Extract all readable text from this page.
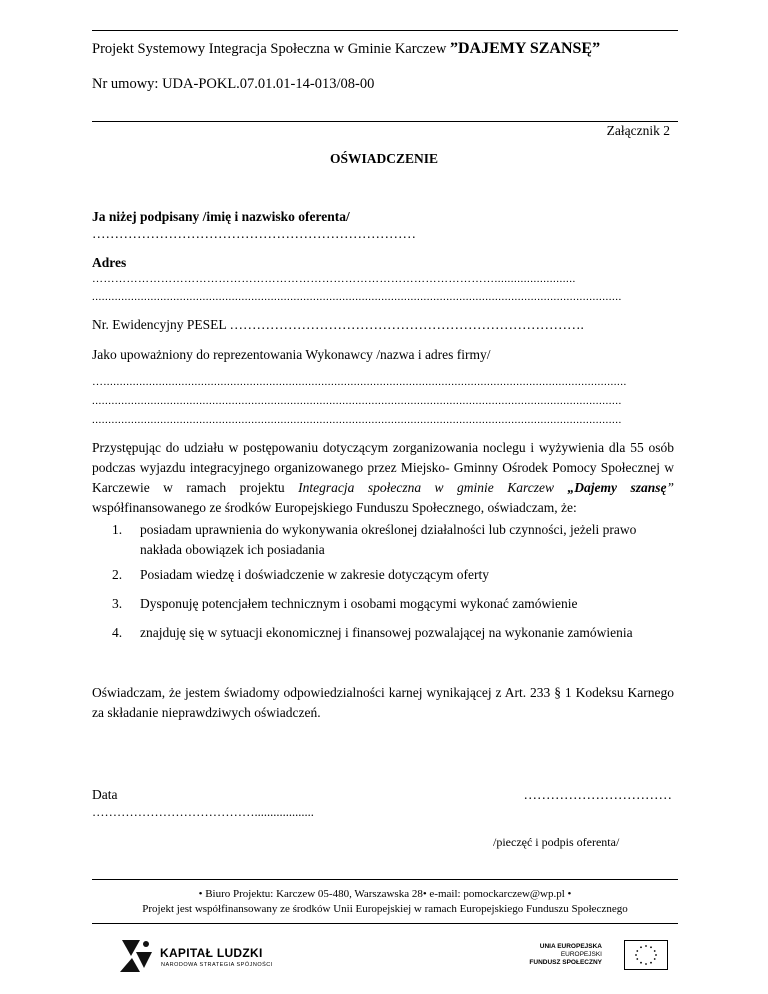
Projekt Systemowy Integracja Społeczna w Gminie Karczew ”DAJEMY SZANSĘ”
Nr umowy: UDA-POKL.07.01.01-14-013/08-00
Załącznik 2
OŚWIADCZENIE
Ja niżej podpisany /imię i nazwisko oferenta/
………………………………………………………………
Adres
…………………………………………………………………………………………….........................
...................................................................................................................................................................
Nr. Ewidencyjny PESEL …………………………………………………………………….
Jako upoważniony do reprezentowania Wykonawcy /nazwa i adres firmy/
….................................................................................................................................................................
...................................................................................................................................................................
...................................................................................................................................................................
Przystępując do udziału w postępowaniu dotyczącym zorganizowania noclegu i wyżywienia dla 55 osób podczas wyjazdu integracyjnego organizowanego przez Miejsko- Gminny Ośrodek Pomocy Społecznej w Karczewie w ramach projektu Integracja społeczna w gminie Karczew „Dajemy szansę” współfinansowanego ze środków Europejskiego Funduszu Społecznego, oświadczam, że:
1. posiadam uprawnienia do wykonywania określonej działalności lub czynności, jeżeli prawo nakłada obowiązek ich posiadania
2. Posiadam wiedzę i doświadczenie w zakresie dotyczącym oferty
3. Dysponuję potencjałem technicznym i osobami mogącymi wykonać zamówienie
4. znajduję się w sytuacji ekonomicznej i finansowej pozwalającej na wykonanie zamówienia
Oświadczam, że jestem świadomy odpowiedzialności karnej wynikającej z Art. 233 § 1 Kodeksu Karnego za składanie nieprawdziwych oświadczeń.
Data
…………………………………...................
……………………………
/pieczęć i podpis oferenta/
• Biuro Projektu: Karczew 05-480, Warszawska 28• e-mail: pomockarczew@wp.pl •
Projekt jest współfinansowany ze środków Unii Europejskiej w ramach Europejskiego Funduszu Społecznego
KAPITAŁ LUDZKI
NARODOWA STRATEGIA SPÓJNOŚCI
UNIA EUROPEJSKA
EUROPEJSKI
FUNDUSZ SPOŁECZNY
